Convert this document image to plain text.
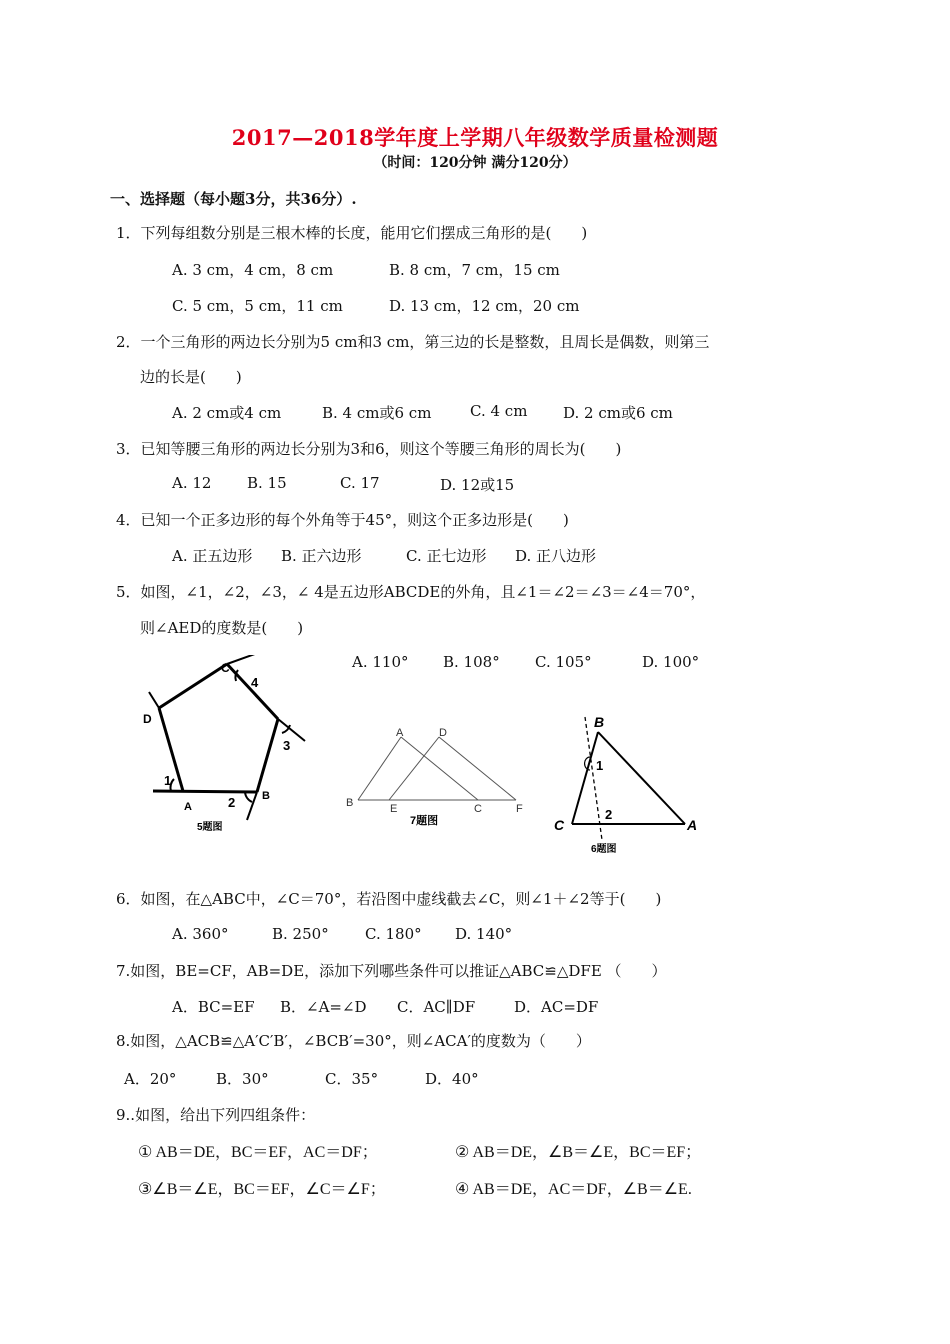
2017—2018学年度上学期八年级数学质量检测题
（时间：120分钟 满分120分）
一、选择题（每小题3分，共36分）.
1．下列每组数分别是三根木棒的长度，能用它们摆成三角形的是(　　)
A. 3 cm，4 cm，8 cm	B. 8 cm，7 cm，15 cm
C. 5 cm，5 cm，11 cm	D. 13 cm，12 cm，20 cm
2．一个三角形的两边长分别为5 cm和3 cm，第三边的长是整数，且周长是偶数，则第三
边的长是(　　)
A. 2 cm或4 cm	B. 4 cm或6 cm	C. 4 cm D. 2 cm或6 cm
3．已知等腰三角形的两边长分别为3和6，则这个等腰三角形的周长为(　　)
A. 12 B. 15	C. 17	D. 12或15
4．已知一个正多边形的每个外角等于45°，则这个正多边形是(　　)
A. 正五边形 B. 正六边形	C. 正七边形 D. 正八边形
5．如图，∠1，∠2，∠3，∠ 4是五边形ABCDE的外角，且∠1＝∠2＝∠3＝∠4＝70°，
则∠AED的度数是(　　)
A. 110° B. 108° C. 105°	D. 100°
C
4
D
3
1
A	2 B
5题图
A	D
B	E	C	F
7题图
B
1
2
C	A
6题图
6．如图，在△ABC中，∠C＝70°，若沿图中虚线截去∠C，则∠1＋∠2等于(　　)
A. 360°	B. 250° C. 180° D. 140°
7.如图，BE=CF，AB=DE，添加下列哪些条件可以推证△ABC≌△DFE （　　）
A．BC=EF B．∠A=∠D C．AC∥DF	D．AC=DF
8.如图，△ACB≌△A′C′B′，∠BCB′=30°，则∠ACA′的度数为（　　）
A．20°	B．30°	C．35°	D．40°
9..如图，给出下列四组条件：
① AB＝DE，BC＝EF，AC＝DF；	② AB＝DE，∠B＝∠E，BC＝EF；
③∠B＝∠E，BC＝EF，∠C＝∠F；	④ AB＝DE，AC＝DF，∠B＝∠E.
